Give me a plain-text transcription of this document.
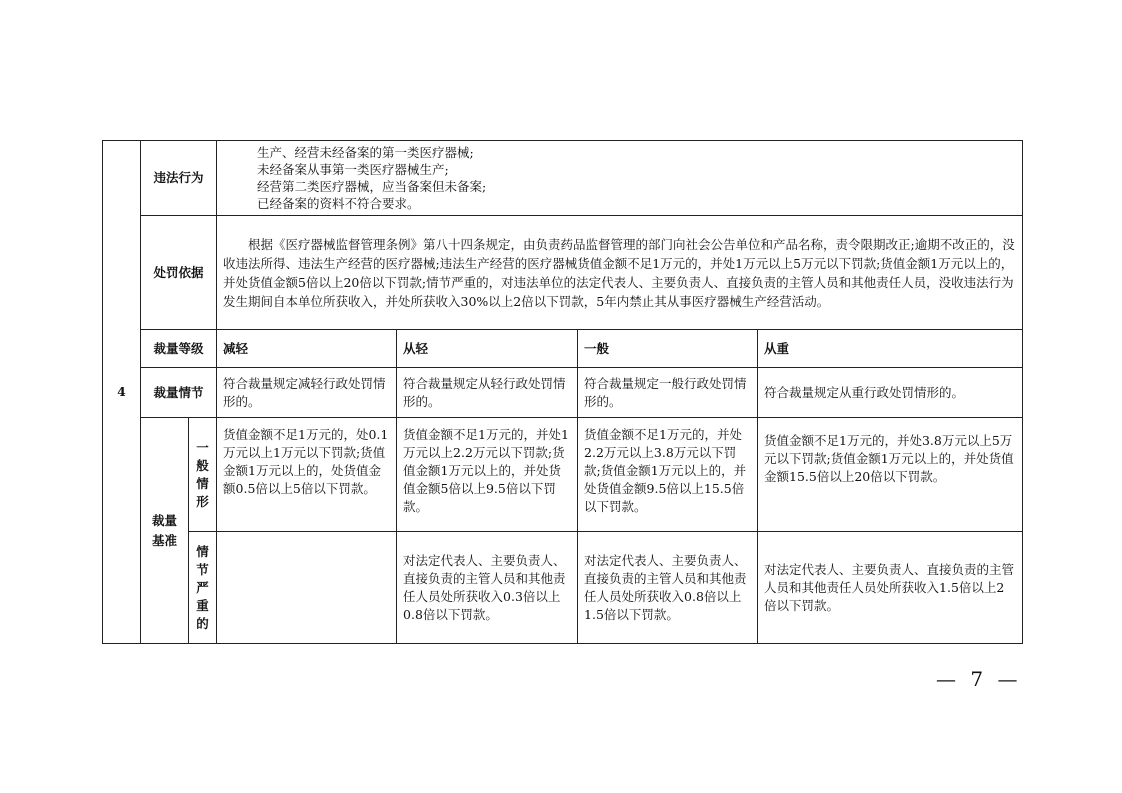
4	违法行为		生产、经营未经备案的第一类医疗器械;
未经备案从事第一类医疗器械生产;
经营第二类医疗器械，应当备案但未备案;
已经备案的资料不符合要求。			

	处罚依据		根据《医疗器械监督管理条例》第八十四条规定，由负责药品监督管理的部门向社会公告单位和产品名称，责令限期改正;逾期不改正的，没收违法所得、违法生产经营的医疗器械;违法生产经营的医疗器械货值金额不足1万元的，并处1万元以上5万元以下罚款;货值金额1万元以上的，并处货值金额5倍以上20倍以下罚款;情节严重的，对违法单位的法定代表人、主要负责人、直接负责的主管人员和其他责任人员，没收违法行为发生期间自本单位所获收入，并处所获收入30%以上2倍以下罚款，5年内禁止其从事医疗器械生产经营活动。			
	裁量等级		减轻	从轻	一般	从重
	裁量情节		符合裁量规定减轻行政处罚情形的。	符合裁量规定从轻行政处罚情形的。	符合裁量规定一般行政处罚情形的。	符合裁量规定从重行政处罚情形的。

	裁量基准	一般情形	货值金额不足1万元的，处0.1万元以上1万元以下罚款;货值金额1万元以上的，处货值金额0.5倍以上5倍以下罚款。	货值金额不足1万元的，并处1万元以上2.2万元以下罚款;货值金额1万元以上的，并处货值金额5倍以上9.5倍以下罚款。	货值金额不足1万元的，并处2.2万元以上3.8万元以下罚款;货值金额1万元以上的，并处货值金额9.5倍以上15.5倍以下罚款。	货值金额不足1万元的，并处3.8万元以上5万元以下罚款;货值金额1万元以上的，并处货值金额15.5倍以上20倍以下罚款。

		情节严重的		对法定代表人、主要负责人、直接负责的主管人员和其他责任人员处所获收入0.3倍以上0.8倍以下罚款。	对法定代表人、主要负责人、直接负责的主管人员和其他责任人员处所获收入0.8倍以上1.5倍以下罚款。	对法定代表人、主要负责人、直接负责的主管人员和其他责任人员处所获收入1.5倍以上2倍以下罚款。
— 7 —
